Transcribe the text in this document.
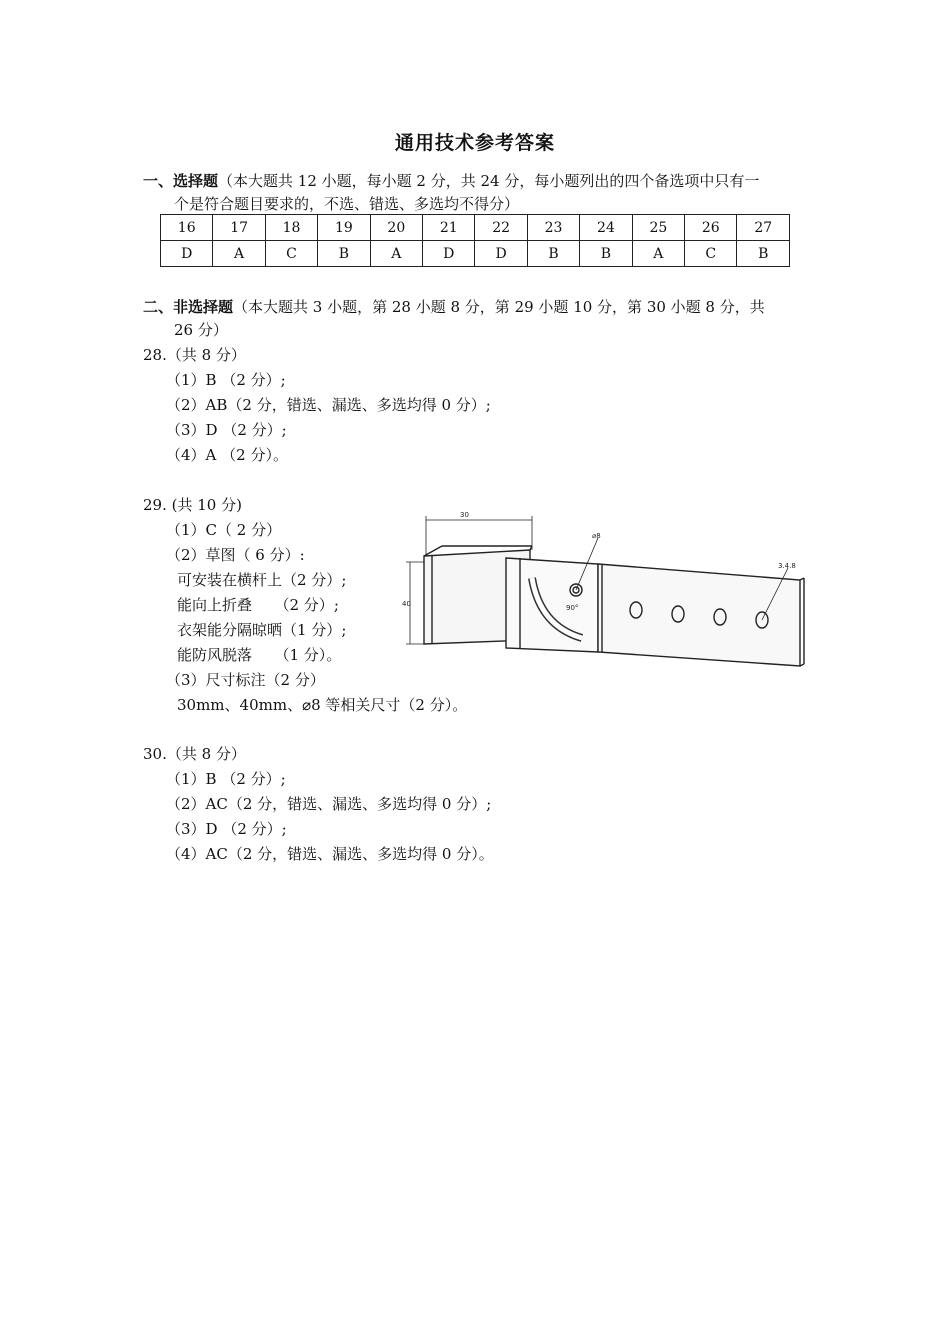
通用技术参考答案
一、选择题（本大题共 12 小题，每小题 2 分，共 24 分，每小题列出的四个备选项中只有一
个是符合题目要求的，不选、错选、多选均不得分）
16	17	18	19	20	21	22	23	24	25	26	27
D	A	C	B	A	D	D	B	B	A	C	B
二、非选择题（本大题共 3 小题，第 28 小题 8 分，第 29 小题 10 分，第 30 小题 8 分，共
26 分）
28.（共 8 分）
（1）B （2 分）;
（2）AB（2 分，错选、漏选、多选均得 0 分）;
（3）D （2 分）;
（4）A （2 分）。
29. (共 10 分)
（1）C（ 2 分）
（2）草图（ 6 分）:
可安装在横杆上（2 分）;
能向上折叠　　（2 分）;
衣架能分隔晾晒（1 分）;
能防风脱落　　（1 分）。
（3）尺寸标注（2 分）
30mm、40mm、⌀8 等相关尺寸（2 分）。
30
40
⌀8
3.4.8
90°
30.（共 8 分）
（1）B （2 分）;
（2）AC（2 分，错选、漏选、多选均得 0 分）;
（3）D （2 分）;
（4）AC（2 分，错选、漏选、多选均得 0 分）。
